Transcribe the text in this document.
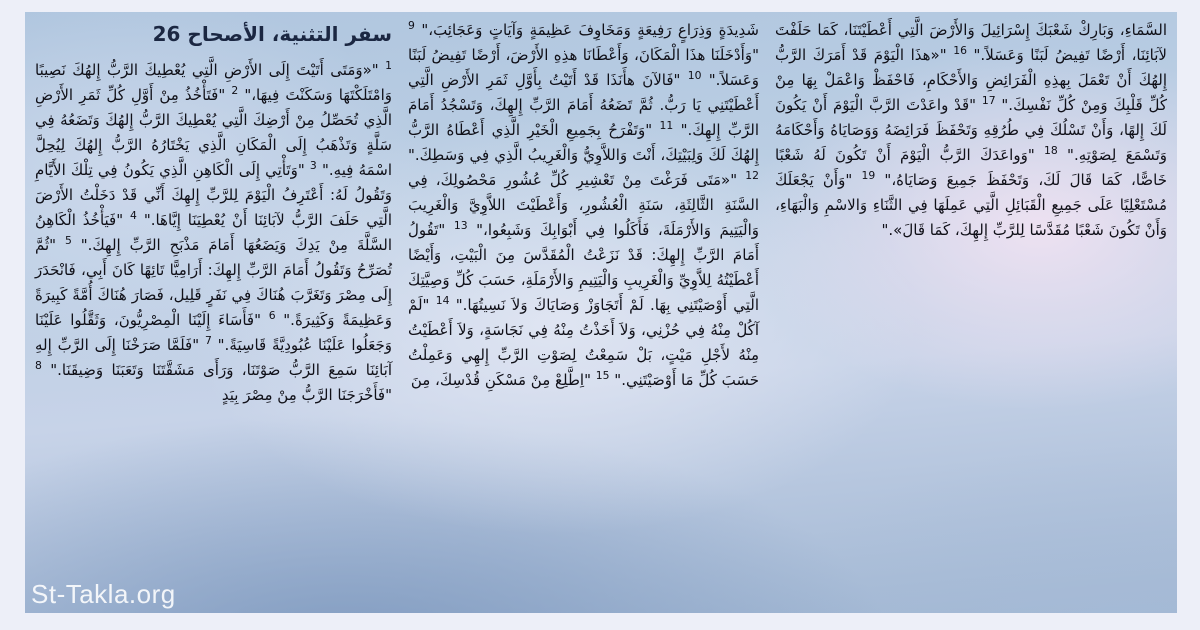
سفر التثنية، الأصحاح 26

$^1$ "«وَمَتَى أَتَيْتَ إِلَى الأَرْضِ الَّتِي يُعْطِيكَ الرَّبُّ إِلهُكَ نَصِيبًا وَامْتَلَكْتَهَا وَسَكَنْتَ فِيهَا،" $^2$ "فَتَأْخُذُ مِنْ أَوَّلِ كُلِّ ثَمَرِ الأَرْضِ الَّذِي تُحَصِّلُ مِنْ أَرْضِكَ الَّتِي يُعْطِيكَ الرَّبُّ إِلهُكَ وَتَضَعُهُ فِي سَلَّةٍ وَتَذْهَبُ إِلَى الْمَكَانِ الَّذِي يَخْتَارُهُ الرَّبُّ إِلهُكَ لِيُحِلَّ اسْمَهُ فِيهِ." $^3$ "وَتَأْتِي إِلَى الْكَاهِنِ الَّذِي يَكُونُ فِي تِلْكَ الأَيَّامِ وَتَقُولُ لَهُ: أَعْتَرِفُ الْيَوْمَ لِلرَّبِّ إِلهِكَ أَنِّي قَدْ دَخَلْتُ الأَرْضَ الَّتِي حَلَفَ الرَّبُّ لآبَائِنَا أَنْ يُعْطِيَنَا إِيَّاهَا." $^4$ "فَيَأْخُذُ الْكَاهِنُ السَّلَّةَ مِنْ يَدِكَ وَيَضَعُهَا أَمَامَ مَذْبَحِ الرَّبِّ إِلهِكَ." $^5$ "ثُمَّ تُصَرِّحُ وَتَقُولُ أَمَامَ الرَّبِّ إِلهِكَ: أَرَامِيًّا تَائِهًا كَانَ أَبِي، فَانْحَدَرَ إِلَى مِصْرَ وَتَغَرَّبَ هُنَاكَ فِي نَفَرٍ قَلِيل، فَصَارَ هُنَاكَ أُمَّةً كَبِيرَةً وَعَظِيمَةً وَكَثِيرَةً." $^6$ "فَأَسَاءَ إِلَيْنَا الْمِصْرِيُّونَ، وَثَقَّلُوا عَلَيْنَا وَجَعَلُوا عَلَيْنَا عُبُودِيَّةً قَاسِيَةً." $^7$ "فَلَمَّا صَرَخْنَا إِلَى الرَّبِّ إِلهِ آبَائِنَا سَمِعَ الرَّبُّ صَوْتَنَا، وَرَأَى مَشَقَّتَنَا وَتَعَبَنَا وَضِيقَنَا." $^8$ "فَأَخْرَجَنَا الرَّبُّ مِنْ مِصْرَ بِيَدٍ

شَدِيدَةٍ وَذِرَاعٍ رَفِيعَةٍ وَمَخَاوِفَ عَظِيمَةٍ وَآيَاتٍ وَعَجَائِبَ،" $^9$ "وَأَدْخَلَنَا هذَا الْمَكَانَ، وَأَعْطَانَا هذِهِ الأَرْضَ، أَرْضًا تَفِيضُ لَبَنًا وَعَسَلاً." $^{10}$ "فَالآنَ هأَنَذَا قَدْ أَتَيْتُ بِأَوَّلِ ثَمَرِ الأَرْضِ الَّتِي أَعْطَيْتَنِي يَا رَبُّ. ثُمَّ تَضَعُهُ أَمَامَ الرَّبِّ إِلهِكَ، وَتَسْجُدُ أَمَامَ الرَّبِّ إِلهِكَ." $^{11}$ "وَتَفْرَحُ بِجَمِيعِ الْخَيْرِ الَّذِي أَعْطَاهُ الرَّبُّ إِلهُكَ لَكَ وَلِبَيْتِكَ، أَنْتَ وَاللاَّوِيُّ وَالْغَرِيبُ الَّذِي فِي وَسَطِكَ." $^{12}$ "«مَتَى فَرَغْتَ مِنْ تَعْشِيرِ كُلِّ عُشُورِ مَحْصُولِكَ، فِي السَّنَةِ الثَّالِثَةِ، سَنَةِ الْعُشُورِ، وَأَعْطَيْتَ اللاَّوِيَّ وَالْغَرِيبَ وَالْيَتِيمَ وَالأَرْمَلَةَ، فَأَكَلُوا فِي أَبْوَابِكَ وَشَبِعُوا،" $^{13}$ "تَقُولُ أَمَامَ الرَّبِّ إِلهِكَ: قَدْ نَزَعْتُ الْمُقَدَّسَ مِنَ الْبَيْتِ، وَأَيْضًا أَعْطَيْتُهُ لِلاَّوِيِّ وَالْغَرِيبِ وَالْيَتِيمِ وَالأَرْمَلَةِ، حَسَبَ كُلِّ وَصِيَّتِكَ الَّتِي أَوْصَيْتَنِي بِهَا. لَمْ أَتَجَاوَزْ وَصَايَاكَ وَلاَ نَسِيتُهَا." $^{14}$ "لَمْ آكُلْ مِنْهُ فِي حُزْنِي، وَلاَ أَخَذْتُ مِنْهُ فِي نَجَاسَةٍ، وَلاَ أَعْطَيْتُ مِنْهُ لأَجْلِ مَيْتٍ، بَلْ سَمِعْتُ لِصَوْتِ الرَّبِّ إِلهِي وَعَمِلْتُ حَسَبَ كُلِّ مَا أَوْصَيْتَنِي." $^{15}$ "اِطَّلِعْ مِنْ مَسْكَنِ قُدْسِكَ، مِنَ

السَّمَاءِ، وَبَارِكْ شَعْبَكَ إِسْرَائِيلَ وَالأَرْضَ الَّتِي أَعْطَيْتَنَا، كَمَا حَلَفْتَ لآبَائِنَا، أَرْضًا تَفِيضُ لَبَنًا وَعَسَلاً." $^{16}$ "«هذَا الْيَوْمَ قَدْ أَمَرَكَ الرَّبُّ إِلهُكَ أَنْ تَعْمَلَ بِهذِهِ الْفَرَائِضِ وَالأَحْكَامِ، فَاحْفَظْ وَاعْمَلْ بِهَا مِنْ كُلِّ قَلْبِكَ وَمِنْ كُلِّ نَفْسِكَ." $^{17}$ "قَدْ واعَدْتَ الرَّبَّ الْيَوْمَ أَنْ يَكُونَ لَكَ إِلهًا، وَأَنْ تَسْلُكَ فِي طُرُقِهِ وَتَحْفَظَ فَرَائِضَهُ وَوَصَايَاهُ وَأَحْكَامَهُ وَتَسْمَعَ لِصَوْتِهِ." $^{18}$ "وَواعَدَكَ الرَّبُّ الْيَوْمَ أَنْ تَكُونَ لَهُ شَعْبًا خَاصًّا، كَمَا قَالَ لَكَ، وَتَحْفَظَ جَمِيعَ وَصَايَاهُ،" $^{19}$ "وَأَنْ يَجْعَلَكَ مُسْتَعْلِيًا عَلَى جَمِيعِ الْقَبَائِلِ الَّتِي عَمِلَهَا فِي الثَّنَاءِ وَالاسْمِ وَالْبَهَاءِ، وَأَنْ تَكُونَ شَعْبًا مُقَدَّسًا لِلرَّبِّ إِلهِكَ، كَمَا قَالَ»."

St-Takla.org
